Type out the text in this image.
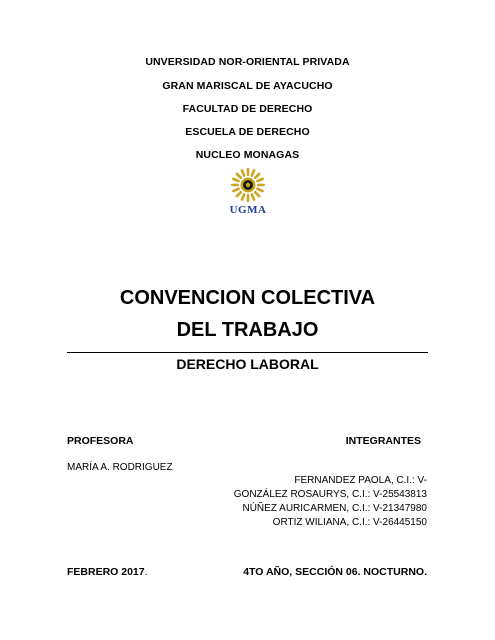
UNVERSIDAD NOR-ORIENTAL PRIVADA
GRAN MARISCAL DE AYACUCHO
FACULTAD DE DERECHO
ESCUELA DE DERECHO
NUCLEO MONAGAS
UGMA
CONVENCION COLECTIVA
DEL TRABAJO
DERECHO LABORAL
PROFESORA
MARÍA A. RODRIGUEZ
INTEGRANTES
FERNANDEZ PAOLA, C.I.: V-
GONZÁLEZ ROSAURYS, C.I.: V-25543813
NÚÑEZ AURICARMEN, C.I.: V-21347980
ORTIZ WILIANA, C.I.: V-26445150
FEBRERO 2017.	4TO AÑO, SECCIÓN 06. NOCTURNO.
